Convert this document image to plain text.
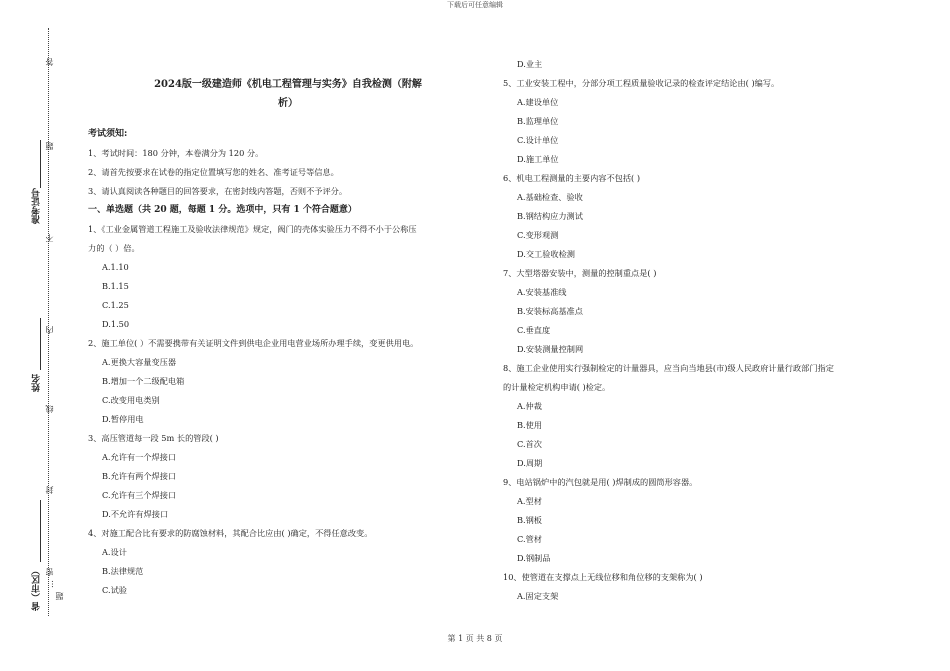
下载后可任意编辑
答
题
不
内
线
封
密
准考证号
姓名
省（市区） 题
…
2024版一级建造师《机电工程管理与实务》自我检测（附解
析）

考试须知:

1、考试时间：180 分钟，本卷满分为 120 分。

2、请首先按要求在试卷的指定位置填写您的姓名、准考证号等信息。

3、请认真阅读各种题目的回答要求，在密封线内答题，否则不予评分。

一、单选题（共 20 题，每题 1 分。选项中，只有 1 个符合题意）

1、《工业金属管道工程施工及验收法律规范》规定，阀门的壳体实验压力不得不小于公称压

力的（ ）倍。

A.1.10

B.1.15

C.1.25

D.1.50

2、施工单位( ）不需要携带有关证明文件到供电企业用电营业场所办理手续，变更供用电。

A.更换大容量变压器

B.增加一个二级配电箱

C.改变用电类别

D.暂停用电

3、高压管道每一段 5m 长的管段( )

A.允许有一个焊接口

B.允许有两个焊接口

C.允许有三个焊接口

D.不允许有焊接口

4、对施工配合比有要求的防腐蚀材料，其配合比应由( )确定，不得任意改变。

A.设计

B.法律规范

C.试验

D.业主

5、工业安装工程中，分部分项工程质量验收记录的检查评定结论由( )编写。

A.建设单位

B.监理单位

C.设计单位

D.施工单位

6、机电工程测量的主要内容不包括( )

A.基础检查、验收

B.钢结构应力测试

C.变形观测

D.交工验收检测

7、大型塔器安装中，测量的控制重点是( )

A.安装基准线

B.安装标高基准点

C.垂直度

D.安装测量控制网

8、施工企业使用实行强制检定的计量器具，应当向当地县(市)级人民政府计量行政部门指定

的计量检定机构申请( )检定。

A.仲裁

B.使用

C.首次

D.周期

9、电站锅炉中的汽包就是用( )焊制成的圆筒形容器。

A.型材

B.钢板

C.管材

D.钢制品

10、使管道在支撑点上无线位移和角位移的支架称为( )

A.固定支架

第 1 页 共 8 页
